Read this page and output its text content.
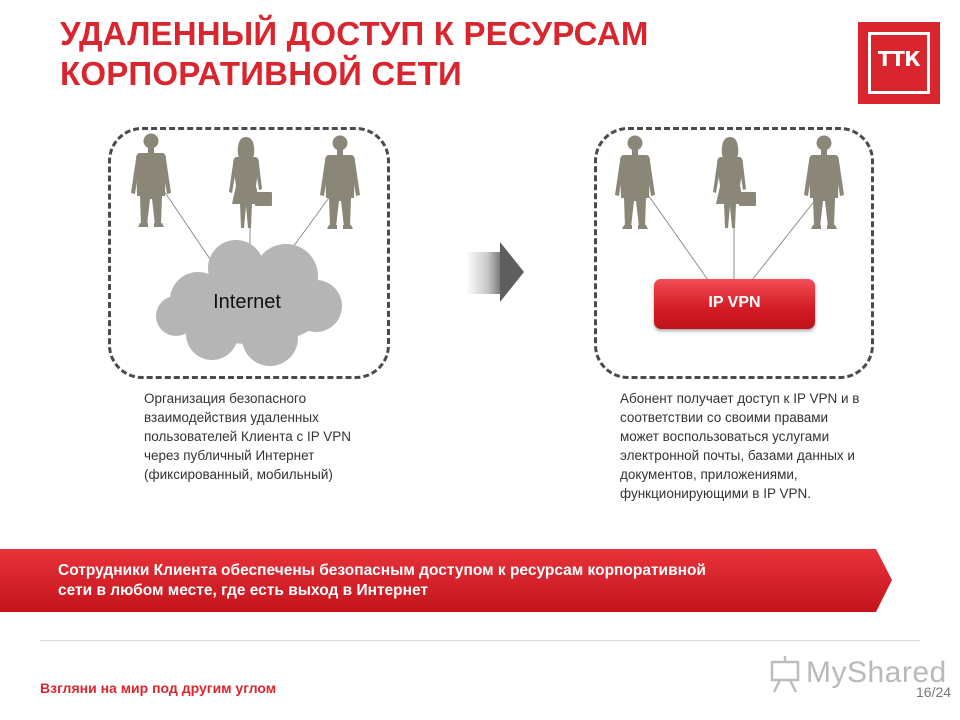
УДАЛЕННЫЙ ДОСТУП К РЕСУРСАМ
КОРПОРАТИВНОЙ СЕТИ	ТТК
Internet	IP VPN
Организация безопасного взаимодействия удаленных пользователей Клиента с IP VPN через публичный Интернет (фиксированный, мобильный)
Абонент получает доступ к IP VPN и в соответствии со своими правами может воспользоваться услугами электронной почты, базами данных и документов, приложениями, функционирующими в IP VPN.
Сотрудники Клиента обеспечены безопасным доступом к ресурсам корпоративной
сети в любом месте, где есть выход в Интернет
Взгляни на мир под другим углом	MyShared
16/24
